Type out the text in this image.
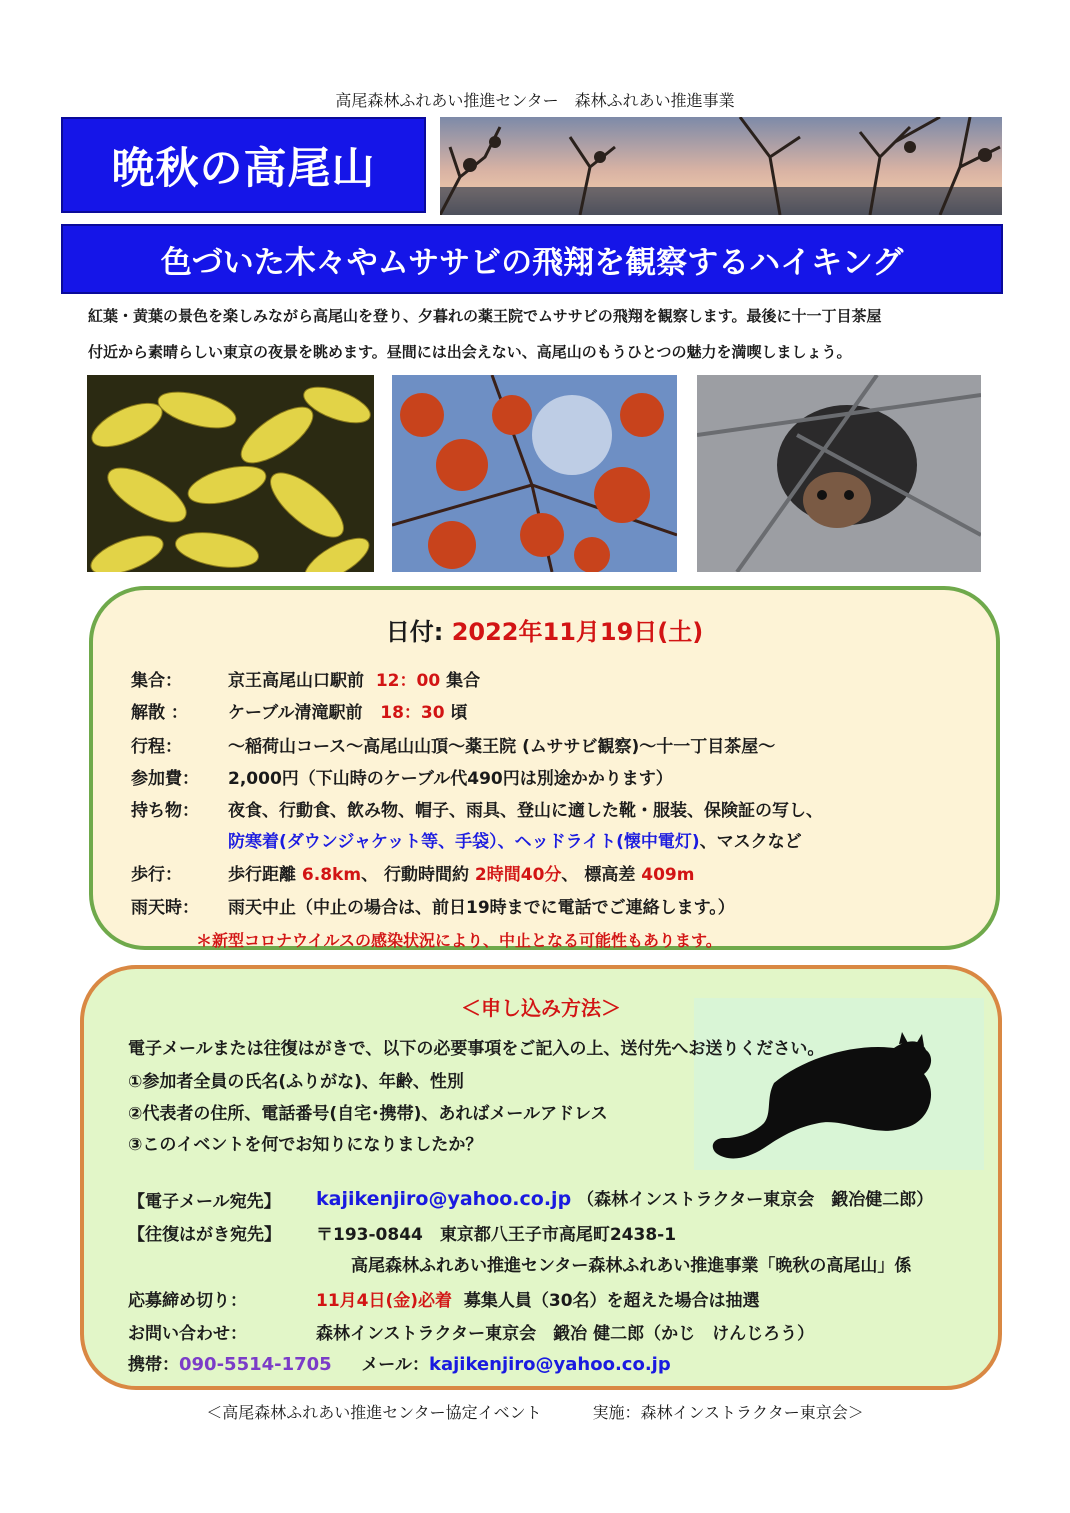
高尾森林ふれあい推進センター　森林ふれあい推進事業
晩秋の高尾山
色づいた木々やムササビの飛翔を観察するハイキング
紅葉・黄葉の景色を楽しみながら高尾山を登り、夕暮れの薬王院でムササビの飛翔を観察します。最後に十一丁目茶屋
付近から素晴らしい東京の夜景を眺めます。昼間には出会えない、高尾山のもうひとつの魅力を満喫しましょう。
日付: 2022年11月19日(土)
集合：	京王高尾山口駅前 12：00 集合
解散 ： ケーブル清滝駅前 18：30 頃
行程：	～稲荷山コース～高尾山山頂～薬王院 (ムササビ観察)～十一丁目茶屋～
参加費： 2,000円（下山時のケーブル代490円は別途かかります）
持ち物： 夜食、行動食、飲み物、帽子、雨具、登山に適した靴・服装、保険証の写し、
防寒着(ダウンジャケット等、手袋）、ヘッドライト(懐中電灯)、マスクなど
歩行：	歩行距離 6.8km、 行動時間約 2時間40分、 標高差 409m
雨天時： 雨天中止（中止の場合は、前日19時までに電話でご連絡します。）
＊新型コロナウイルスの感染状況により、中止となる可能性もあります。
＜申し込み方法＞
電子メールまたは往復はがきで、以下の必要事項をご記入の上、送付先へお送りください。
①参加者全員の氏名(ふりがな)、年齢、性別
②代表者の住所、電話番号(自宅･携帯)、あればメールアドレス
③このイベントを何でお知りになりましたか？
【電子メール宛先】 kajikenjiro@yahoo.co.jp （森林インストラクター東京会　鍛冶健二郎）
【往復はがき宛先】 〒193-0844　東京都八王子市高尾町2438-1
高尾森林ふれあい推進センター森林ふれあい推進事業「晩秋の高尾山」係
応募締め切り：	11月4日(金)必着 募集人員（30名）を超えた場合は抽選
お問い合わせ：	森林インストラクター東京会　鍛冶 健二郎（かじ　けんじろう）
携帯：090-5514-1705 メール：kajikenjiro@yahoo.co.jp
＜高尾森林ふれあい推進センター協定イベント	実施：森林インストラクター東京会＞
